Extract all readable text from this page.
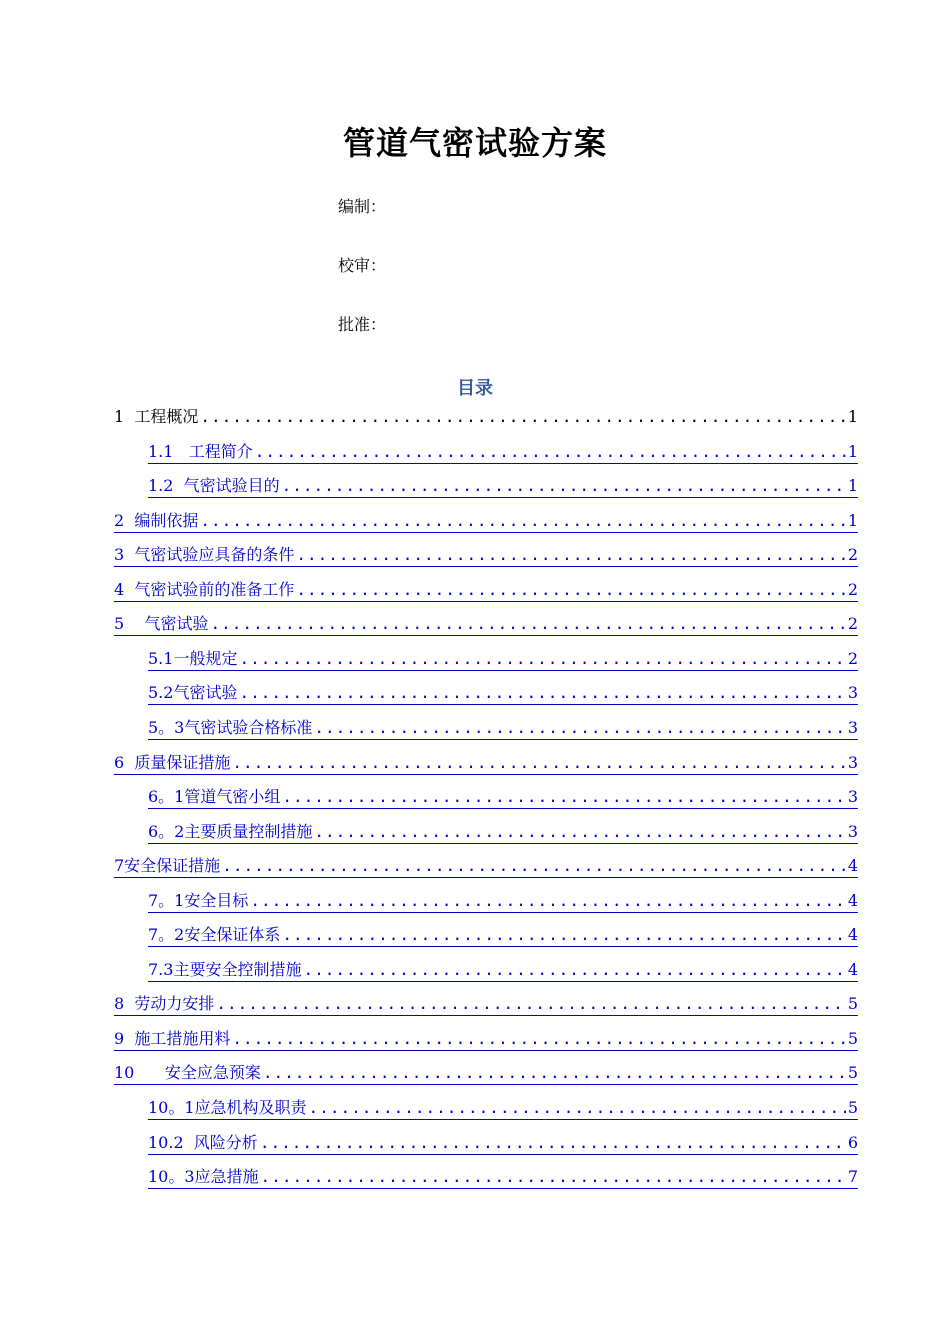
管道气密试验方案
编制：
校审：
批准：
目录
1  工程概况 .....	1
1.1   工程简介 .....	1
1.2  气密试验目的 .....	1
2  编制依据 .....	1
3  气密试验应具备的条件 .....	2
4  气密试验前的准备工作 .....	2
5    气密试验 .....	2
5.1一般规定 .....	2
5.2气密试验 .....	3
5。3气密试验合格标准 .....	3
6  质量保证措施 .....	3
6。1管道气密小组 .....	3
6。2主要质量控制措施 .....	3
7安全保证措施 .....	4
7。1安全目标 .....	4
7。2安全保证体系 .....	4
7.3主要安全控制措施 .....	4
8  劳动力安排 .....	5
9  施工措施用料 .....	5
10      安全应急预案 .....	5
10。1应急机构及职责 .....	5
10.2  风险分析 .....	6
10。3应急措施 .....	7
